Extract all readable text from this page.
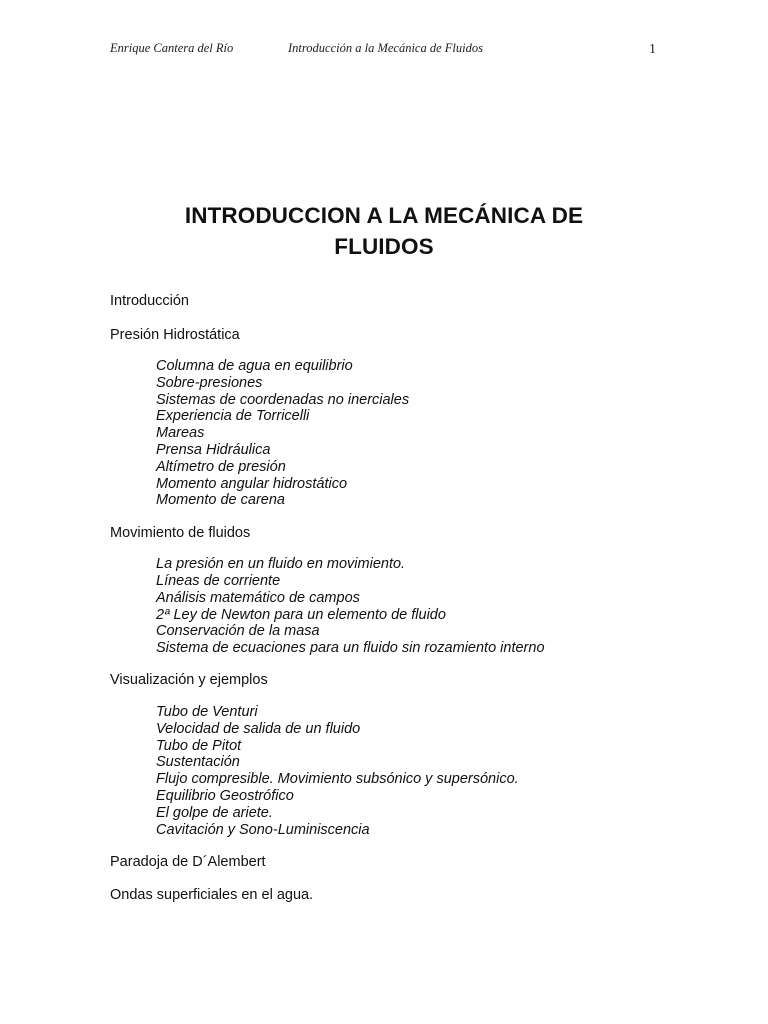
Enrique Cantera del Río	Introducción a la Mecánica de Fluidos	1
INTRODUCCION A LA MECÁNICA DE
FLUIDOS
Introducción
Presión Hidrostática
Columna de agua en equilibrio
Sobre-presiones
Sistemas de coordenadas no inerciales
Experiencia de Torricelli
Mareas
Prensa Hidráulica
Altímetro de presión
Momento angular hidrostático
Momento de carena
Movimiento de fluidos
La presión en un fluido en movimiento.
Líneas de corriente
Análisis matemático de campos
2ª Ley de Newton para un elemento de fluido
Conservación de la masa
Sistema de ecuaciones para un fluido sin rozamiento interno
Visualización y ejemplos
Tubo de Venturi
Velocidad de salida de un fluido
Tubo de Pitot
Sustentación
Flujo compresible. Movimiento subsónico y supersónico.
Equilibrio Geostrófico
El golpe de ariete.
Cavitación y Sono-Luminiscencia
Paradoja de D´Alembert
Ondas superficiales en el agua.
